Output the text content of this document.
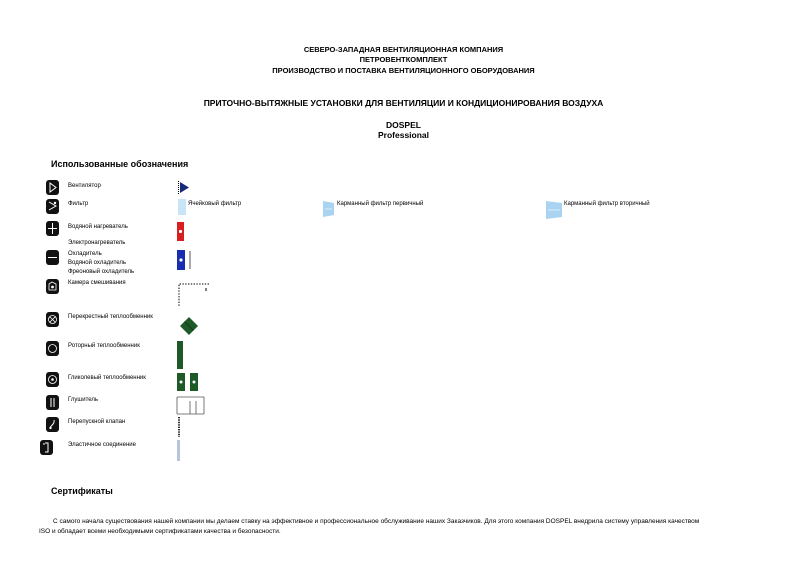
СЕВЕРО-ЗАПАДНАЯ ВЕНТИЛЯЦИОННАЯ КОМПАНИЯ
ПЕТРОВЕНТКОМПЛЕКТ
ПРОИЗВОДСТВО И ПОСТАВКА ВЕНТИЛЯЦИОННОГО ОБОРУДОВАНИЯ
ПРИТОЧНО-ВЫТЯЖНЫЕ УСТАНОВКИ ДЛЯ ВЕНТИЛЯЦИИ И КОНДИЦИОНИРОВАНИЯ ВОЗДУХА
DOSPEL
Professional
Использованные обозначения
Вентилятор
Фильтр	Ячейковый фильтр	Карманный фильтр первичный	Карманный фильтр вторичный
Водяной нагреватель
Электронагреватель
Охладитель
Водяной охладитель
Фреоновый охладитель
Камера смешивания
Перекрестный теплообменник
Роторный теплообменник
Гликолевый теплообменник
Глушитель
Перепускной клапан
Эластичное соединение
Сертификаты
С самого начала существования нашей компании мы делаем ставку на эффективное и профессиональное обслуживание наших Заказчиков. Для этого компания DOSPEL внедрила систему управления качеством
ISO и обладает всеми необходимыми сертификатами качества и безопасности.
